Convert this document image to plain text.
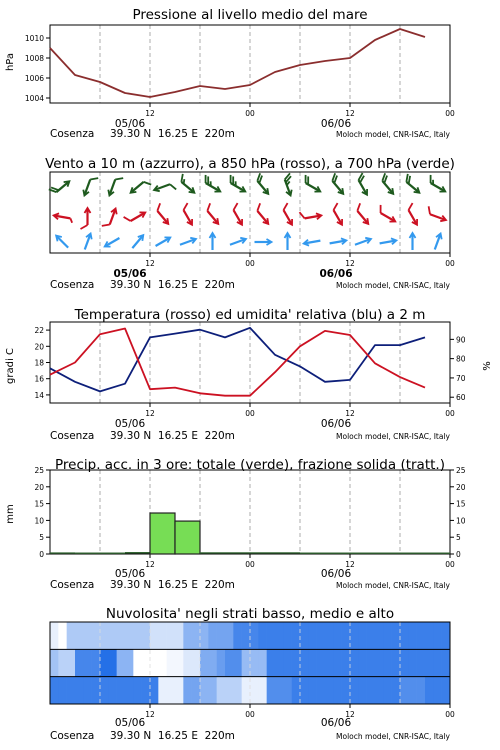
Pressione al livello medio del mare
hPa
12	00	12	00
1004
1006
1008
1010
05/06	06/06
Cosenza 39.30 N  16.25 E  220m	Moloch model, CNR-ISAC, Italy
Vento a 10 m (azzurro), a 850 hPa (rosso), a 700 hPa (verde)
12	00	12	00
05/06	06/06
Cosenza 39.30 N  16.25 E  220m	Moloch model, CNR-ISAC, Italy
Temperatura (rosso) ed umidita' relativa (blu) a 2 m
gradi C	%
12	00	12	00
14
16
18
20
22
60
70
80
90
05/06	06/06
Cosenza 39.30 N  16.25 E  220m	Moloch model, CNR-ISAC, Italy
Precip. acc. in 3 ore: totale (verde), frazione solida (tratt.)
mm
12	00	12	00
0
5
10
15
20
25
0
5
10
15
20
25
05/06	06/06
Cosenza 39.30 N  16.25 E  220m	Moloch model, CNR-ISAC, Italy
Nuvolosita' negli strati basso, medio e alto
12	00	12	00
05/06	06/06
Cosenza 39.30 N  16.25 E  220m	Moloch model, CNR-ISAC, Italy
